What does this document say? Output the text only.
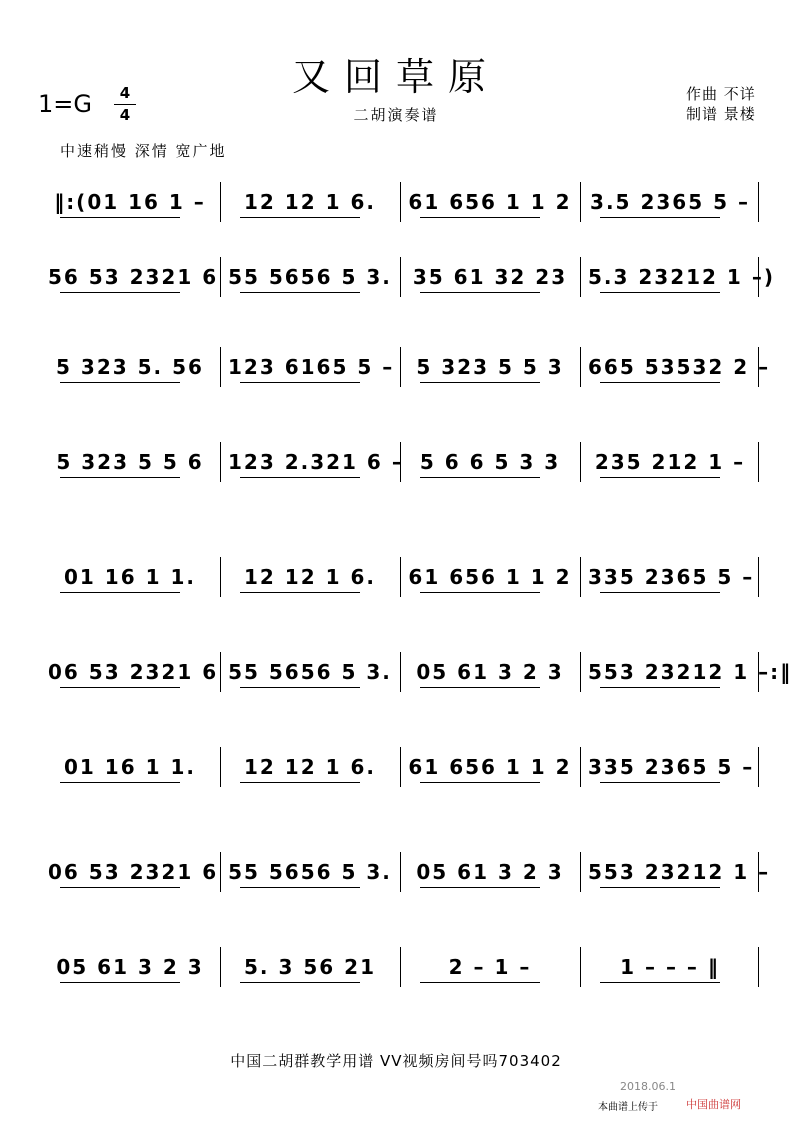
又回草原
二胡演奏谱
1=G	4
4
作曲 不详
制谱 景楼
中速稍慢 深情 宽广地
‖:(01 16 1 –	12 12 1 6.	61 656 1 1 2 3.5 2365 5 –
56 53 2321 6 55 5656 5 3. 35 61 32 23 5.3 23212 1 –)
5 323 5. 56	123 6165 5 –	5 323 5 5 3	665 53532 2 –
5 323 5 5 6	123 2.321 6 – 5 6 6 5 3 3	235 212 1 –
01 16 1 1.	12 12 1 6.	61 656 1 1 2 335 2365 5 –
06 53 2321 6 55 5656 5 3.	05 61 3 2 3	553 23212 1 –:‖
01 16 1 1.	12 12 1 6.	61 656 1 1 2 335 2365 5 –
06 53 2321 6 55 5656 5 3.	05 61 3 2 3	553 23212 1 –
05 61 3 2 3	5. 3 56 21	2 – 1 –	1 – – – ‖
中国二胡群教学用谱 VV视频房间号吗703402
2018.06.1
本曲谱上传于	中国曲谱网
